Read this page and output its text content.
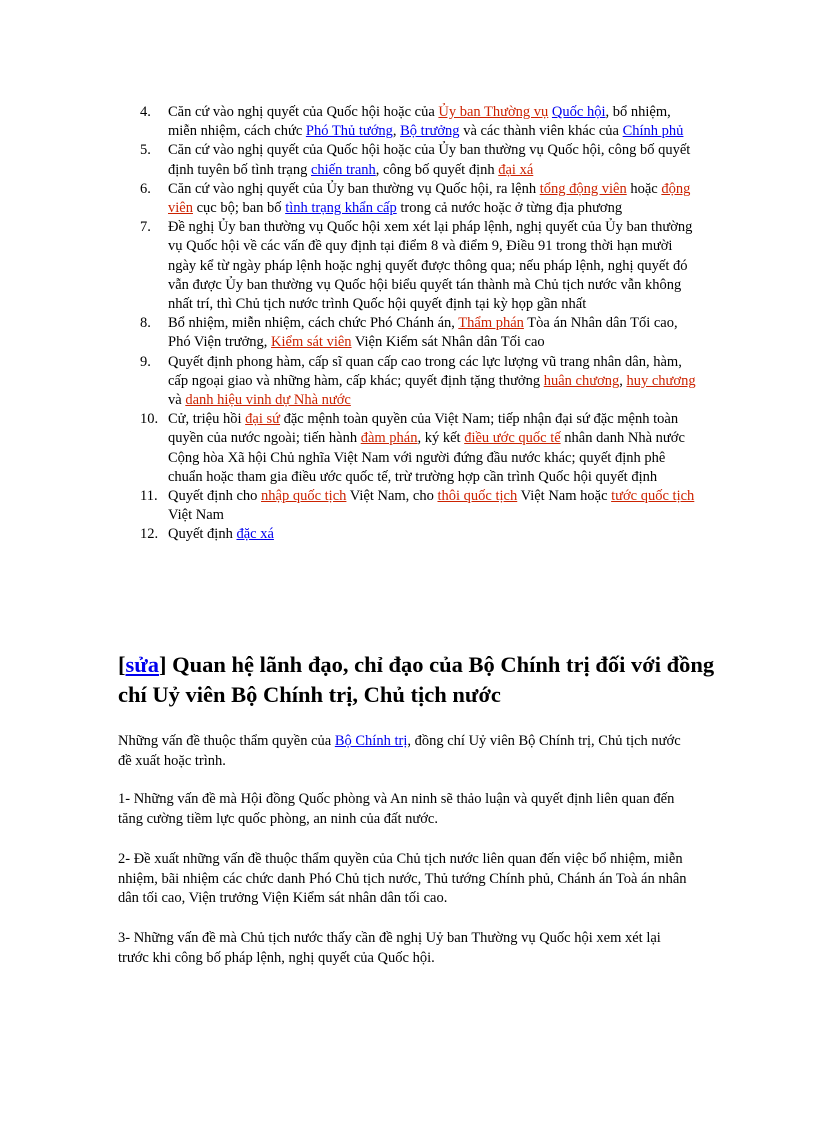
4. Căn cứ vào nghị quyết của Quốc hội hoặc của Ủy ban Thường vụ Quốc hội, bổ nhiệm, miễn nhiệm, cách chức Phó Thủ tướng, Bộ trưởng và các thành viên khác của Chính phủ
5. Căn cứ vào nghị quyết của Quốc hội hoặc của Ủy ban thường vụ Quốc hội, công bố quyết định tuyên bố tình trạng chiến tranh, công bố quyết định đại xá
6. Căn cứ vào nghị quyết của Ủy ban thường vụ Quốc hội, ra lệnh tổng động viên hoặc động viên cục bộ; ban bố tình trạng khẩn cấp trong cả nước hoặc ở từng địa phương
7. Đề nghị Ủy ban thường vụ Quốc hội xem xét lại pháp lệnh, nghị quyết của Ủy ban thường vụ Quốc hội về các vấn đề quy định tại điểm 8 và điểm 9, Điều 91 trong thời hạn mười ngày kể từ ngày pháp lệnh hoặc nghị quyết được thông qua; nếu pháp lệnh, nghị quyết đó vẫn được Ủy ban thường vụ Quốc hội biểu quyết tán thành mà Chủ tịch nước vẫn không nhất trí, thì Chủ tịch nước trình Quốc hội quyết định tại kỳ họp gần nhất
8. Bổ nhiệm, miễn nhiệm, cách chức Phó Chánh án, Thẩm phán Tòa án Nhân dân Tối cao, Phó Viện trưởng, Kiểm sát viên Viện Kiểm sát Nhân dân Tối cao
9. Quyết định phong hàm, cấp sĩ quan cấp cao trong các lực lượng vũ trang nhân dân, hàm, cấp ngoại giao và những hàm, cấp khác; quyết định tặng thưởng huân chương, huy chương và danh hiệu vinh dự Nhà nước
10. Cử, triệu hồi đại sứ đặc mệnh toàn quyền của Việt Nam; tiếp nhận đại sứ đặc mệnh toàn quyền của nước ngoài; tiến hành đàm phán, ký kết điều ước quốc tế nhân danh Nhà nước Cộng hòa Xã hội Chủ nghĩa Việt Nam với người đứng đầu nước khác; quyết định phê chuẩn hoặc tham gia điều ước quốc tế, trừ trường hợp cần trình Quốc hội quyết định
11. Quyết định cho nhập quốc tịch Việt Nam, cho thôi quốc tịch Việt Nam hoặc tước quốc tịch Việt Nam
12. Quyết định đặc xá
[sửa] Quan hệ lãnh đạo, chỉ đạo của Bộ Chính trị đối với đồng chí Uỷ viên Bộ Chính trị, Chủ tịch nước

Những vấn đề thuộc thẩm quyền của Bộ Chính trị, đồng chí Uỷ viên Bộ Chính trị, Chủ tịch nước đề xuất hoặc trình.

1- Những vấn đề mà Hội đồng Quốc phòng và An ninh sẽ thảo luận và quyết định liên quan đến tăng cường tiềm lực quốc phòng, an ninh của đất nước.

2- Đề xuất những vấn đề thuộc thẩm quyền của Chủ tịch nước liên quan đến việc bổ nhiệm, miễn nhiệm, bãi nhiệm các chức danh Phó Chủ tịch nước, Thủ tướng Chính phủ, Chánh án Toà án nhân dân tối cao, Viện trưởng Viện Kiểm sát nhân dân tối cao.

3- Những vấn đề mà Chủ tịch nước thấy cần đề nghị Uỷ ban Thường vụ Quốc hội xem xét lại trước khi công bố pháp lệnh, nghị quyết của Quốc hội.
